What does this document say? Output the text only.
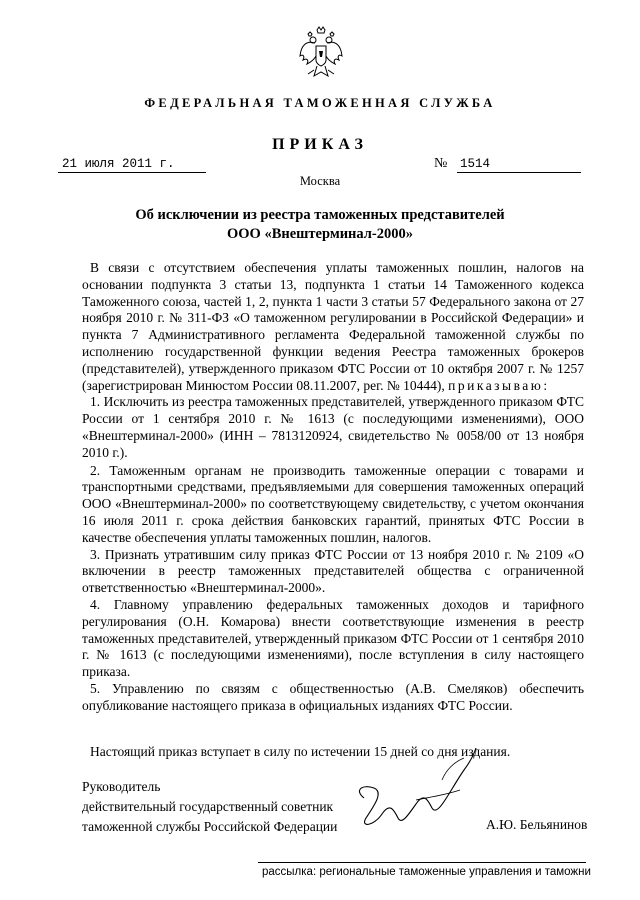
ФЕДЕРАЛЬНАЯ ТАМОЖЕННАЯ СЛУЖБА
ПРИКАЗ
21 июля 2011 г.	№ 1514
Москва
Об исключении из реестра таможенных представителей
ООО «Внештерминал-2000»

В связи с отсутствием обеспечения уплаты таможенных пошлин, налогов на основании подпункта 3 статьи 13, подпункта 1 статьи 14 Таможенного кодекса Таможенного союза, частей 1, 2, пункта 1 части 3 статьи 57 Федерального закона от 27 ноября 2010 г. № 311-ФЗ «О таможенном регулировании в Российской Федерации» и пункта 7 Административного регламента Федеральной таможенной службы по исполнению государственной функции ведения Реестра таможенных брокеров (представителей), утвержденного приказом ФТС России от 10 октября 2007 г. № 1257 (зарегистрирован Минюстом России 08.11.2007, рег. № 10444), приказываю:

1. Исключить из реестра таможенных представителей, утвержденного приказом ФТС России от 1 сентября 2010 г. № 1613 (с последующими изменениями), ООО «Внештерминал-2000» (ИНН – 7813120924, свидетельство № 0058/00 от 13 ноября 2010 г.).

2. Таможенным органам не производить таможенные операции с товарами и транспортными средствами, предъявляемыми для совершения таможенных операций ООО «Внештерминал-2000» по соответствующему свидетельству, с учетом окончания 16 июля 2011 г. срока действия банковских гарантий, принятых ФТС России в качестве обеспечения уплаты таможенных пошлин, налогов.

3. Признать утратившим силу приказ ФТС России от 13 ноября 2010 г. № 2109 «О включении в реестр таможенных представителей общества с ограниченной ответственностью «Внештерминал-2000».

4. Главному управлению федеральных таможенных доходов и тарифного регулирования (О.Н. Комарова) внести соответствующие изменения в реестр таможенных представителей, утвержденный приказом ФТС России от 1 сентября 2010 г. № 1613 (с последующими изменениями), после вступления в силу настоящего приказа.

5. Управлению по связям с общественностью (А.В. Смеляков) обеспечить опубликование настоящего приказа в официальных изданиях ФТС России.

Настоящий приказ вступает в силу по истечении 15 дней со дня издания.
Руководитель
действительный государственный советник
таможенной службы Российской Федерации	А.Ю. Бельянинов
рассылка: региональные таможенные управления и таможни
